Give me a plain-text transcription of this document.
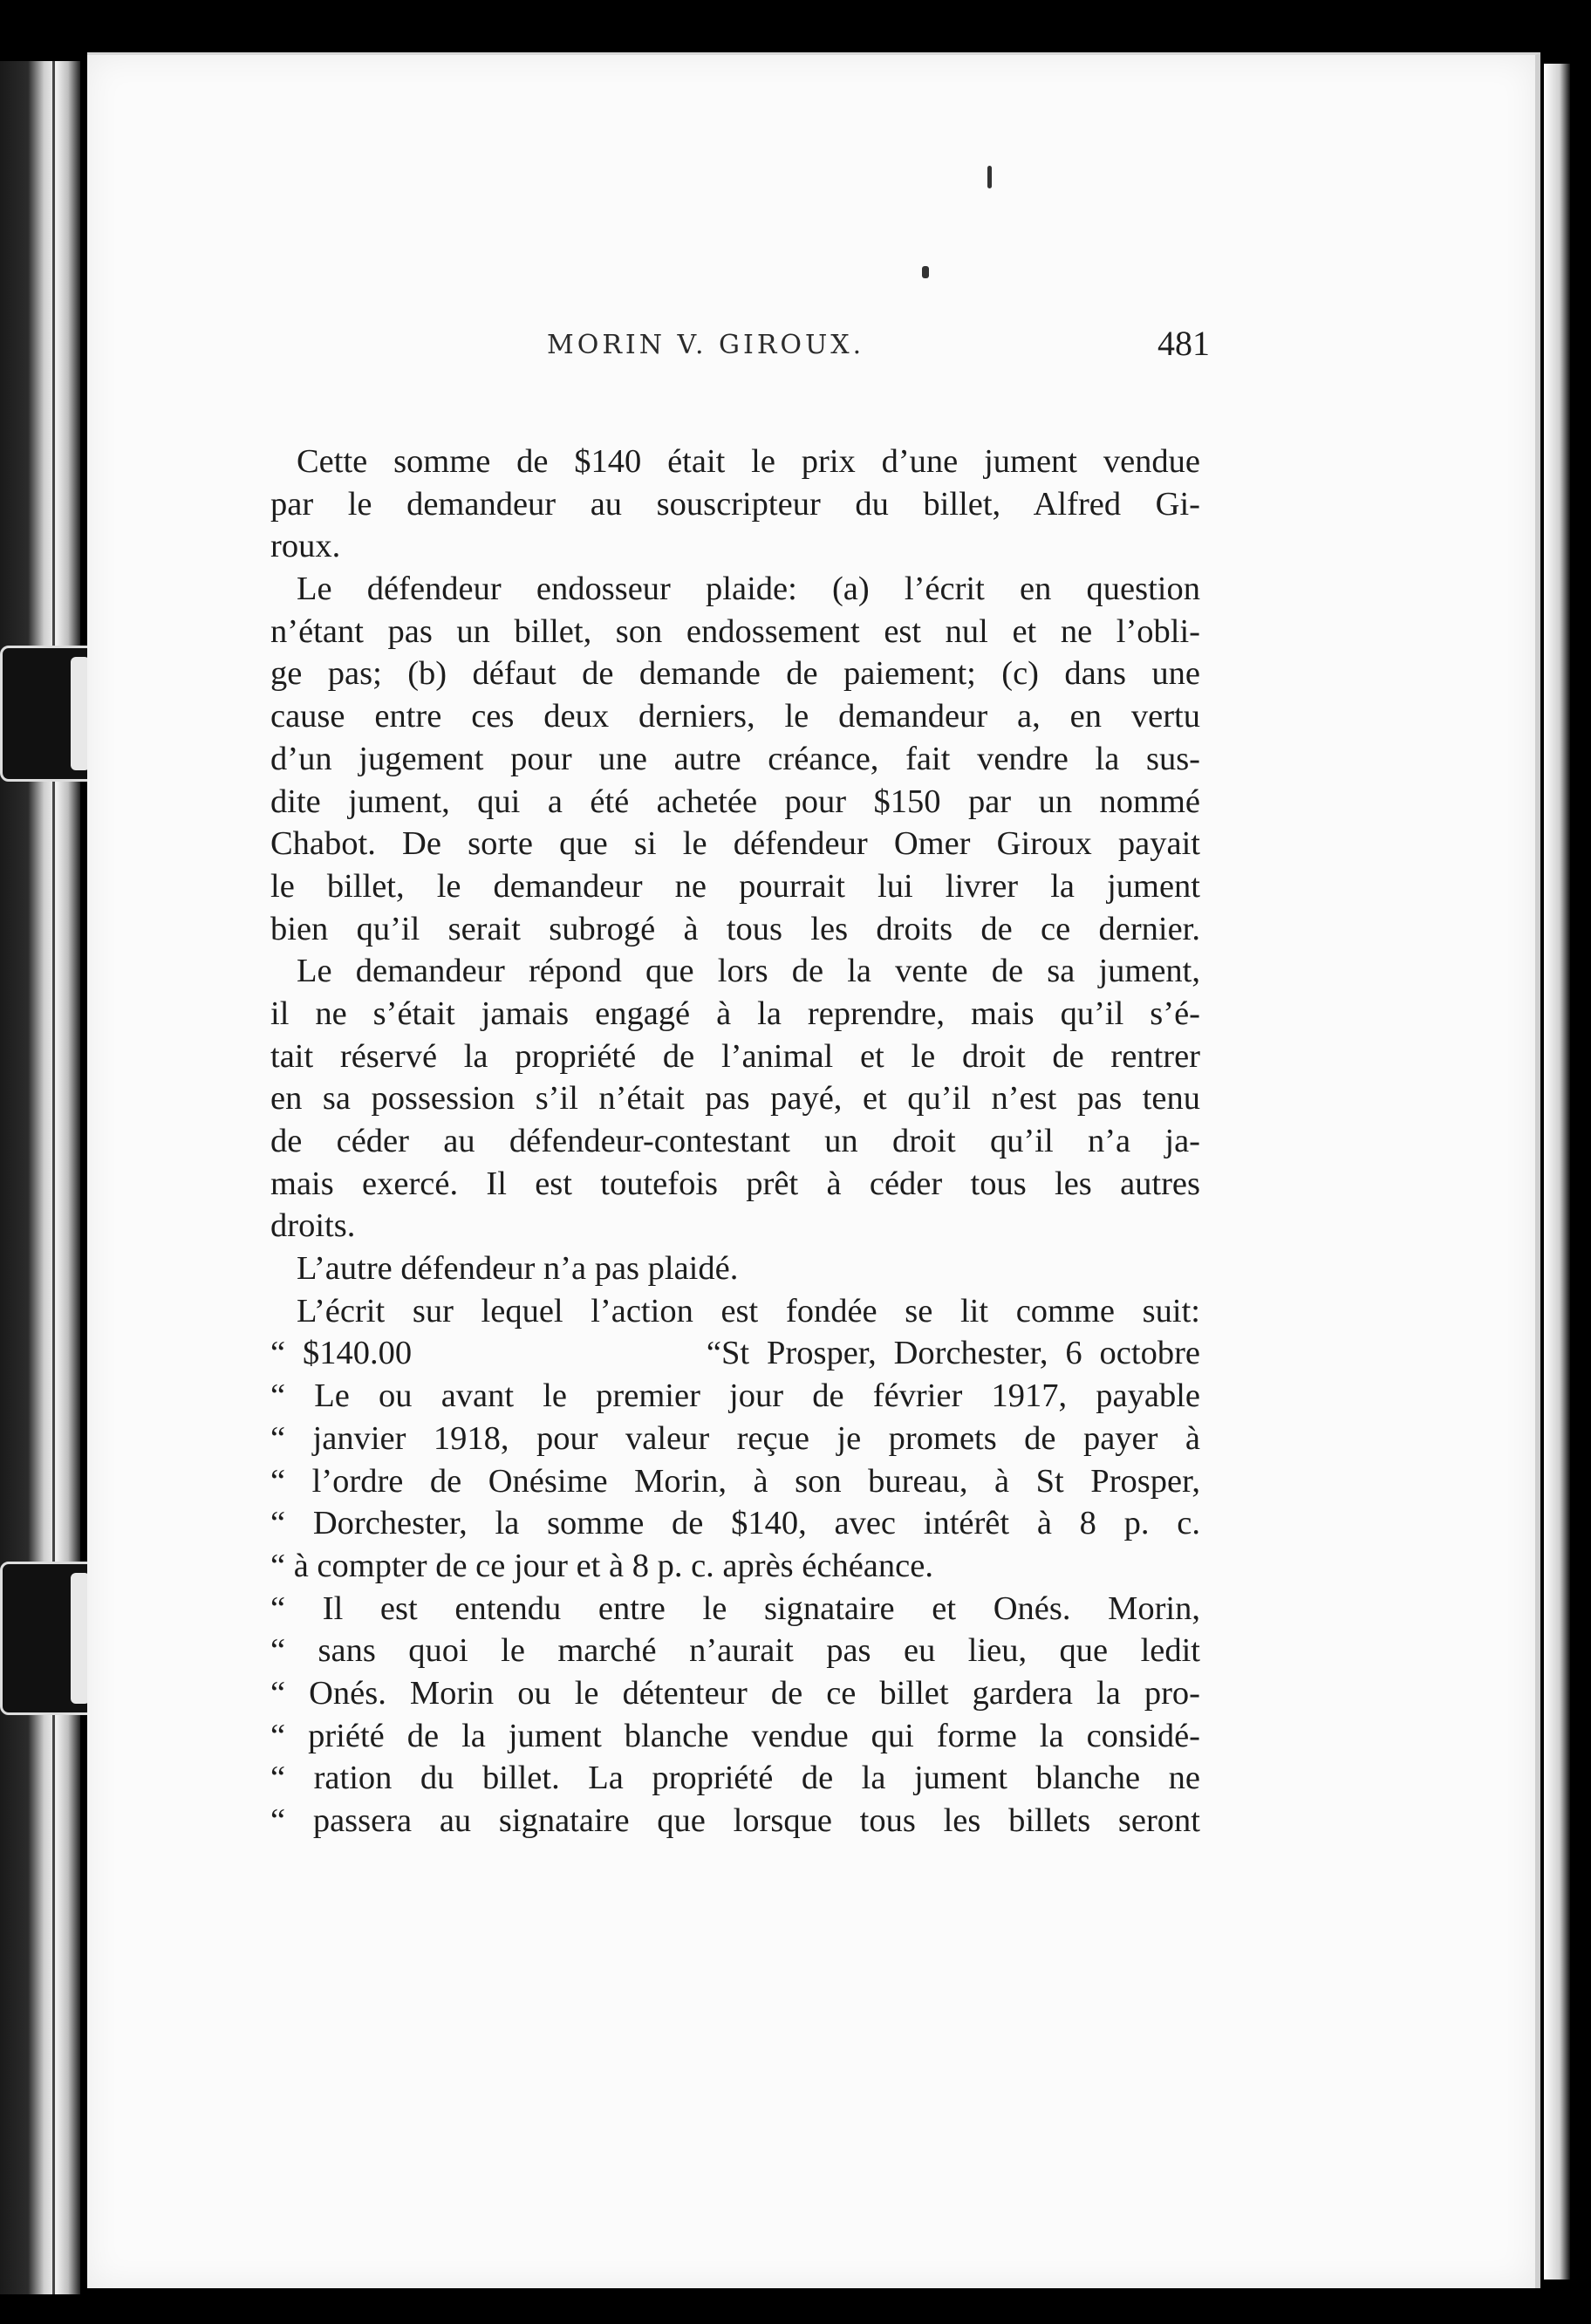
MORIN V. GIROUX.	481
Cette somme de $140 était le prix d’une jument vendue
par le demandeur au souscripteur du billet, Alfred Gi-
roux.
Le défendeur endosseur plaide: (a) l’écrit en question
n’étant pas un billet, son endossement est nul et ne l’obli-
ge pas; (b) défaut de demande de paiement; (c) dans une
cause entre ces deux derniers, le demandeur a, en vertu
d’un jugement pour une autre créance, fait vendre la sus-
dite jument, qui a été achetée pour $150 par un nommé
Chabot. De sorte que si le défendeur Omer Giroux payait
le billet, le demandeur ne pourrait lui livrer la jument
bien qu’il serait subrogé à tous les droits de ce dernier.
Le demandeur répond que lors de la vente de sa jument,
il ne s’était jamais engagé à la reprendre, mais qu’il s’é-
tait réservé la propriété de l’animal et le droit de rentrer
en sa possession s’il n’était pas payé, et qu’il n’est pas tenu
de céder au défendeur-contestant un droit qu’il n’a ja-
mais exercé. Il est toutefois prêt à céder tous les autres
droits.
L’autre défendeur n’a pas plaidé.
L’écrit sur lequel l’action est fondée se lit comme suit:
“ $140.00                 “St Prosper, Dorchester, 6 octobre
“ Le ou avant le premier jour de février 1917, payable
“ janvier 1918, pour valeur reçue je promets de payer à
“ l’ordre de Onésime Morin, à son bureau, à St Prosper,
“ Dorchester, la somme de $140, avec intérêt à 8 p. c.
“ à compter de ce jour et à 8 p. c. après échéance.
“ Il est entendu entre le signataire et Onés. Morin,
“ sans quoi le marché n’aurait pas eu lieu, que ledit
“ Onés. Morin ou le détenteur de ce billet gardera la pro-
“ priété de la jument blanche vendue qui forme la considé-
“ ration du billet. La propriété de la jument blanche ne
“ passera au signataire que lorsque tous les billets seront
